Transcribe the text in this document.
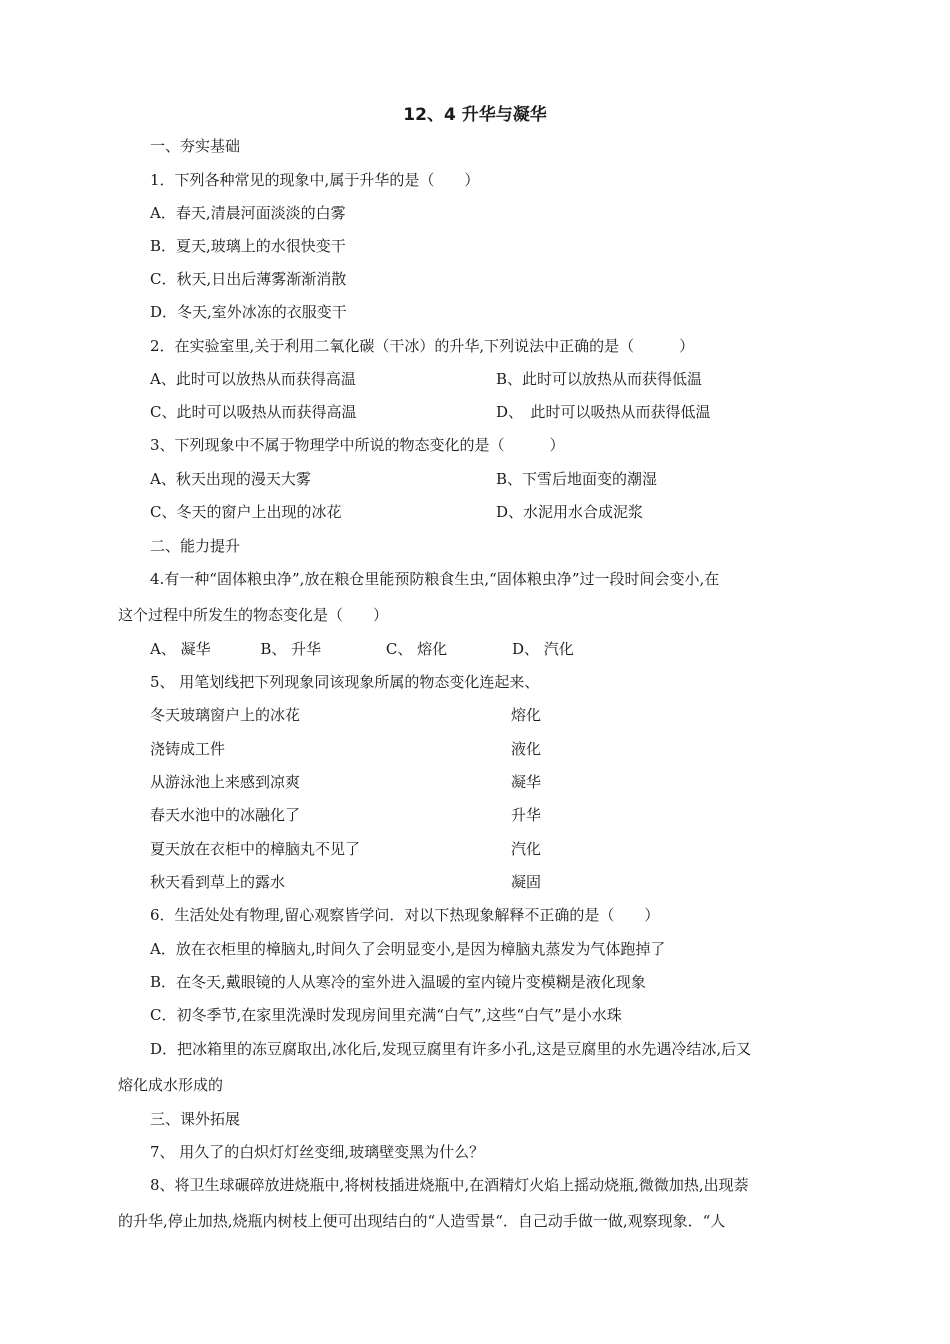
12、4 升华与凝华
一、夯实基础
1．下列各种常见的现象中,属于升华的是（　　）
A．春天,清晨河面淡淡的白雾
B．夏天,玻璃上的水很快变干
C．秋天,日出后薄雾渐渐消散
D．冬天,室外冰冻的衣服变干
2．在实验室里,关于利用二氧化碳（干冰）的升华,下列说法中正确的是（　　　）
A、此时可以放热从而获得高温	B、此时可以放热从而获得低温
C、此时可以吸热从而获得高温	D、　此时可以吸热从而获得低温
3、下列现象中不属于物理学中所说的物态变化的是（　　　）
A、秋天出现的漫天大雾	B、下雪后地面变的潮湿
C、冬天的窗户上出现的冰花	D、水泥用水合成泥浆
二、能力提升
4.有一种“固体粮虫净”,放在粮仓里能预防粮食生虫,“固体粮虫净”过一段时间会变小,在
这个过程中所发生的物态变化是（　　）
A、 凝华　　　 B、 升华　　　　 C、 熔化　　　　 D、 汽化
5、 用笔划线把下列现象同该现象所属的物态变化连起来、
冬天玻璃窗户上的冰花	熔化
浇铸成工件	液化
从游泳池上来感到凉爽	凝华
春天水池中的冰融化了	升华
夏天放在衣柜中的樟脑丸不见了	汽化
秋天看到草上的露水	凝固
6．生活处处有物理,留心观察皆学问．对以下热现象解释不正确的是（　　）
A．放在衣柜里的樟脑丸,时间久了会明显变小,是因为樟脑丸蒸发为气体跑掉了
B．在冬天,戴眼镜的人从寒冷的室外进入温暖的室内镜片变模糊是液化现象
C．初冬季节,在家里洗澡时发现房间里充满“白气”,这些“白气”是小水珠
D．把冰箱里的冻豆腐取出,冰化后,发现豆腐里有许多小孔,这是豆腐里的水先遇冷结冰,后又
熔化成水形成的
三、课外拓展
7、 用久了的白炽灯灯丝变细,玻璃壁变黑为什么？
8、将卫生球碾碎放进烧瓶中,将树枝插进烧瓶中,在酒精灯火焰上摇动烧瓶,微微加热,出现萘
的升华,停止加热,烧瓶内树枝上便可出现结白的“人造雪景“．自己动手做一做,观察现象．“人
